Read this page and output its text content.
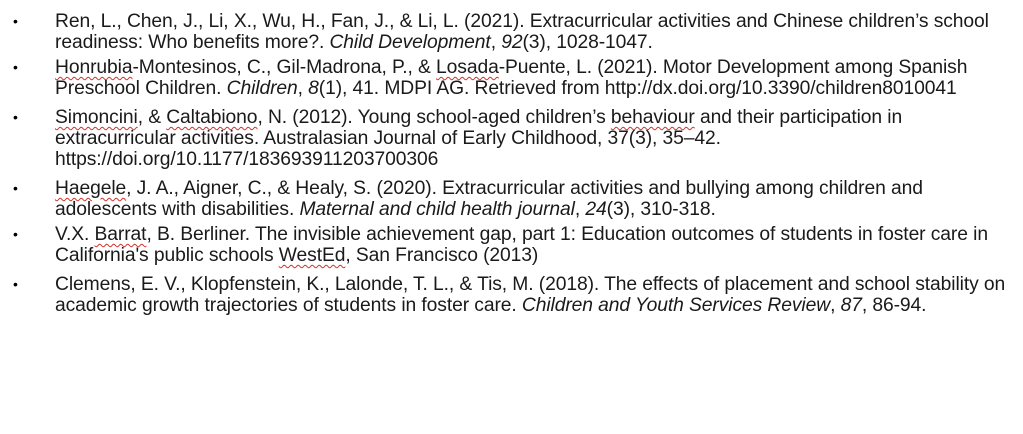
• Ren, L., Chen, J., Li, X., Wu, H., Fan, J., & Li, L. (2021). Extracurricular activities and Chinese children’s school readiness: Who benefits more?. Child Development, 92(3), 1028-1047.
• Honrubia-Montesinos, C., Gil-Madrona, P., & Losada-Puente, L. (2021). Motor Development among Spanish Preschool Children. Children, 8(1), 41. MDPI AG. Retrieved from http://dx.doi.org/10.3390/children8010041
• Simoncini, & Caltabiono, N. (2012). Young school-aged children’s behaviour and their participation in extracurricular activities. Australasian Journal of Early Childhood, 37(3), 35–42. https://doi.org/10.1177/183693911203700306
• Haegele, J. A., Aigner, C., & Healy, S. (2020). Extracurricular activities and bullying among children and adolescents with disabilities. Maternal and child health journal, 24(3), 310-318.
• V.X. Barrat, B. Berliner. The invisible achievement gap, part 1: Education outcomes of students in foster care in California's public schools WestEd, San Francisco (2013)
• Clemens, E. V., Klopfenstein, K., Lalonde, T. L., & Tis, M. (2018). The effects of placement and school stability on academic growth trajectories of students in foster care. Children and Youth Services Review, 87, 86-94.
